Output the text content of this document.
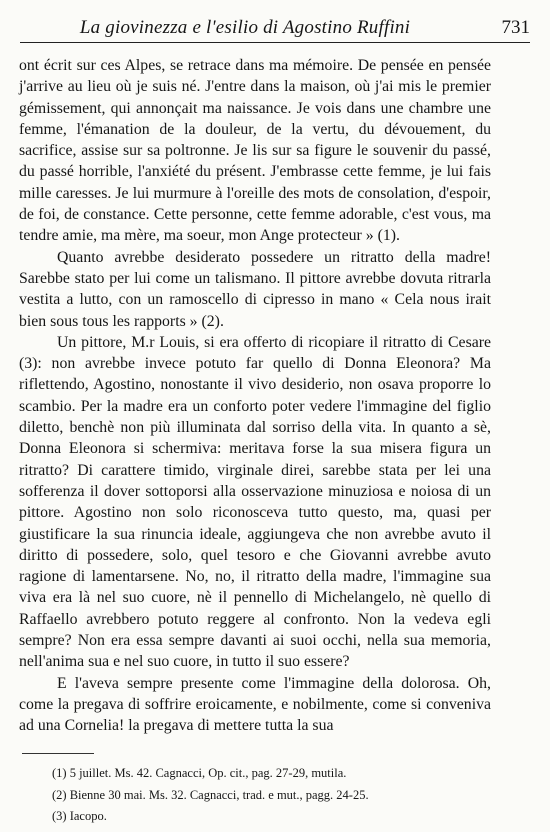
La giovinezza e l'esilio di Agostino Ruffini	731

ont écrit sur ces Alpes, se retrace dans ma mémoire. De pensée en pensée j'arrive au lieu où je suis né. J'entre dans la maison, où j'ai mis le premier gémissement, qui annonçait ma naissance. Je vois dans une chambre une femme, l'émanation de la douleur, de la vertu, du dévouement, du sacrifice, assise sur sa poltronne. Je lis sur sa figure le souvenir du passé, du passé horrible, l'anxiété du présent. J'embrasse cette femme, je lui fais mille caresses. Je lui murmure à l'oreille des mots de consolation, d'espoir, de foi, de constance. Cette personne, cette femme adorable, c'est vous, ma tendre amie, ma mère, ma soeur, mon Ange protecteur » (1).

Quanto avrebbe desiderato possedere un ritratto della madre! Sarebbe stato per lui come un talismano. Il pittore avrebbe dovuta ritrarla vestita a lutto, con un ramoscello di cipresso in mano « Cela nous irait bien sous tous les rapports » (2).

Un pittore, M.r Louis, si era offerto di ricopiare il ritratto di Cesare (3): non avrebbe invece potuto far quello di Donna Eleonora? Ma riflettendo, Agostino, nonostante il vivo desiderio, non osava proporre lo scambio. Per la madre era un conforto poter vedere l'immagine del figlio diletto, benchè non più illuminata dal sorriso della vita. In quanto a sè, Donna Eleonora si schermiva: meritava forse la sua misera figura un ritratto? Di carattere timido, virginale direi, sarebbe stata per lei una sofferenza il dover sottoporsi alla osservazione minuziosa e noiosa di un pittore. Agostino non solo riconosceva tutto questo, ma, quasi per giustificare la sua rinuncia ideale, aggiungeva che non avrebbe avuto il diritto di possedere, solo, quel tesoro e che Giovanni avrebbe avuto ragione di lamentarsene. No, no, il ritratto della madre, l'immagine sua viva era là nel suo cuore, nè il pennello di Michelangelo, nè quello di Raffaello avrebbero potuto reggere al confronto. Non la vedeva egli sempre? Non era essa sempre davanti ai suoi occhi, nella sua memoria, nell'anima sua e nel suo cuore, in tutto il suo essere?

E l'aveva sempre presente come l'immagine della dolorosa. Oh, come la pregava di soffrire eroicamente, e nobilmente, come si conveniva ad una Cornelia! la pregava di mettere tutta la sua

(1) 5 juillet. Ms. 42. Cagnacci, Op. cit., pag. 27-29, mutila.
(2) Bienne 30 mai. Ms. 32. Cagnacci, trad. e mut., pagg. 24-25.
(3) Iacopo.
